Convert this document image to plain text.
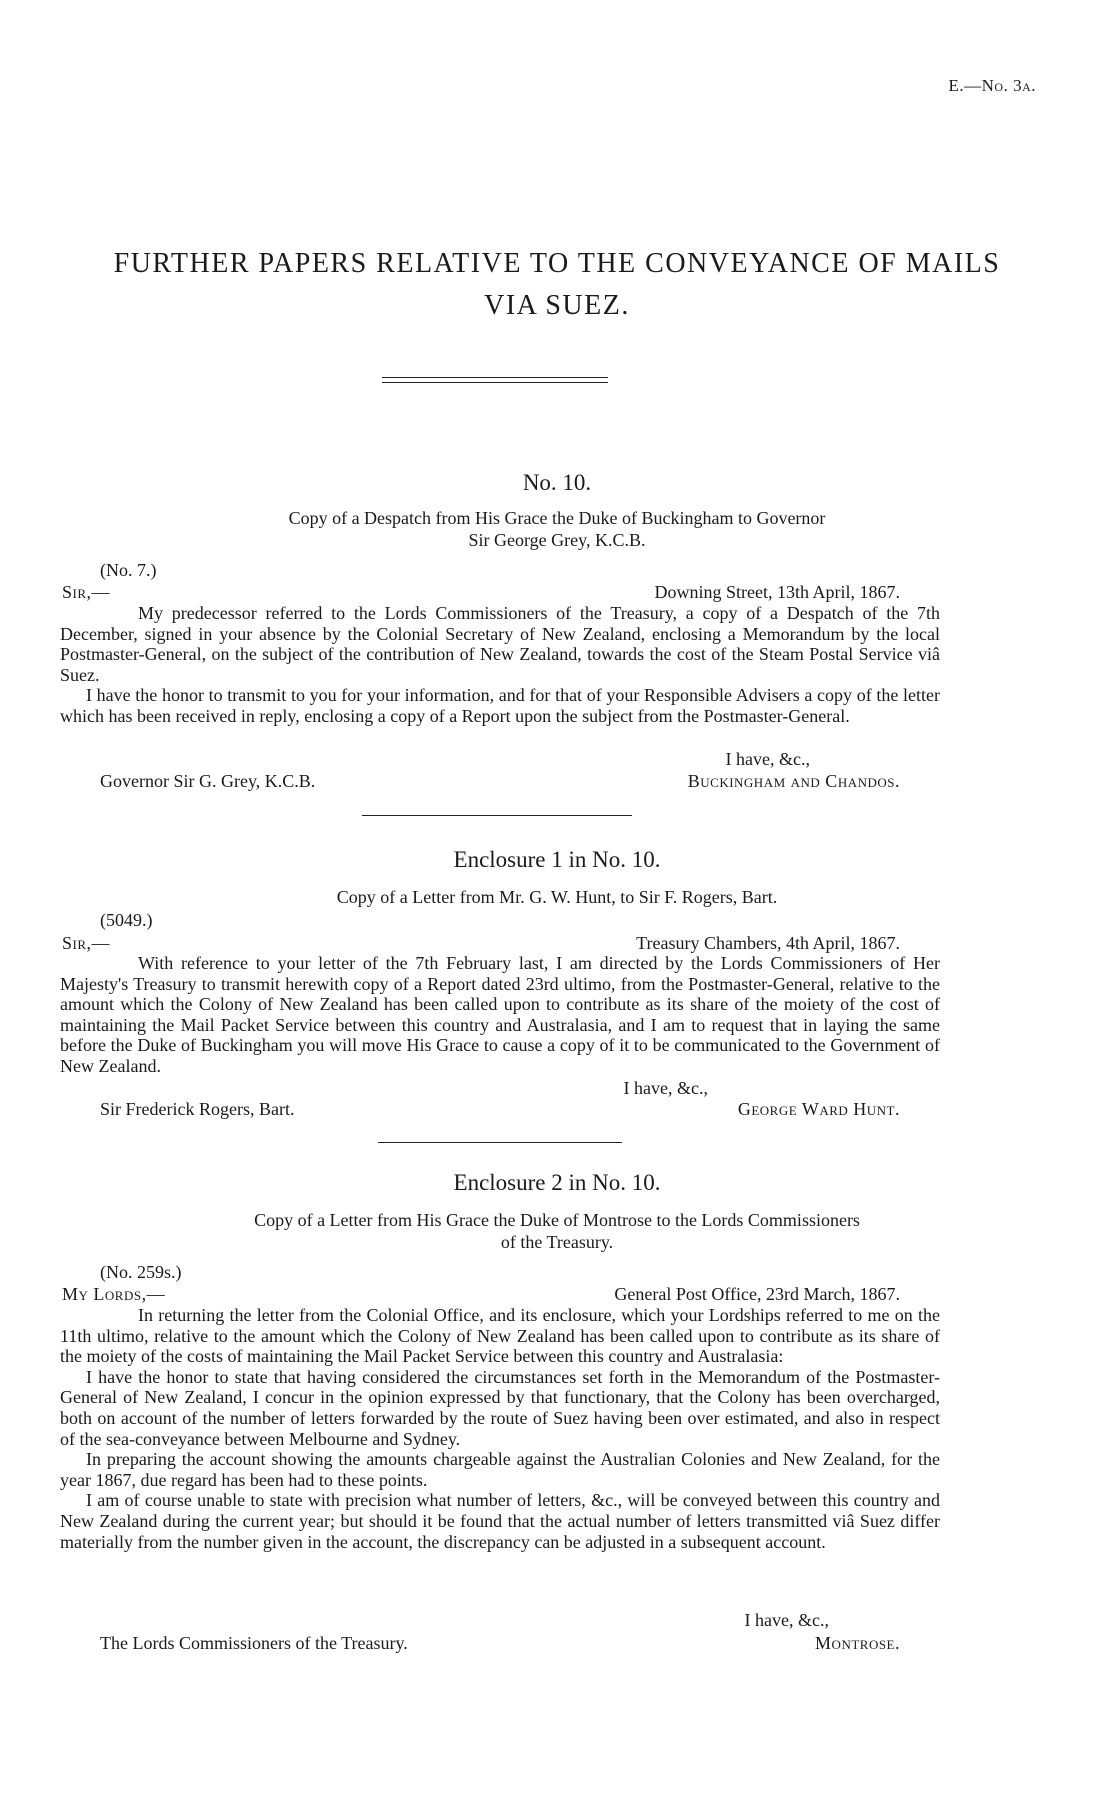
E.—No. 3a.
FURTHER PAPERS RELATIVE TO THE CONVEYANCE OF MAILS
VIA SUEZ.
No. 10.
Copy of a Despatch from His Grace the Duke of Buckingham to Governor
Sir George Grey, K.C.B.
(No. 7.)
Sir,—	Downing Street, 13th April, 1867.

My predecessor referred to the Lords Commissioners of the Treasury, a copy of a Despatch of the 7th December, signed in your absence by the Colonial Secretary of New Zealand, enclosing a Memorandum by the local Postmaster-General, on the subject of the contribution of New Zealand, towards the cost of the Steam Postal Service viâ Suez.

I have the honor to transmit to you for your information, and for that of your Responsible Advisers a copy of the letter which has been received in reply, enclosing a copy of a Report upon the subject from the Postmaster-General.

I have, &c.,
Governor Sir G. Grey, K.C.B.	Buckingham and Chandos.
Enclosure 1 in No. 10.
Copy of a Letter from Mr. G. W. Hunt, to Sir F. Rogers, Bart.
(5049.)
Sir,—	Treasury Chambers, 4th April, 1867.

With reference to your letter of the 7th February last, I am directed by the Lords Commissioners of Her Majesty's Treasury to transmit herewith copy of a Report dated 23rd ultimo, from the Postmaster-General, relative to the amount which the Colony of New Zealand has been called upon to contribute as its share of the moiety of the cost of maintaining the Mail Packet Service between this country and Australasia, and I am to request that in laying the same before the Duke of Buckingham you will move His Grace to cause a copy of it to be communicated to the Government of New Zealand.

I have, &c.,
Sir Frederick Rogers, Bart.	George Ward Hunt.
Enclosure 2 in No. 10.
Copy of a Letter from His Grace the Duke of Montrose to the Lords Commissioners
of the Treasury.
(No. 259s.)
My Lords,—	General Post Office, 23rd March, 1867.

In returning the letter from the Colonial Office, and its enclosure, which your Lordships referred to me on the 11th ultimo, relative to the amount which the Colony of New Zealand has been called upon to contribute as its share of the moiety of the costs of maintaining the Mail Packet Service between this country and Australasia:

I have the honor to state that having considered the circumstances set forth in the Memorandum of the Postmaster-General of New Zealand, I concur in the opinion expressed by that functionary, that the Colony has been overcharged, both on account of the number of letters forwarded by the route of Suez having been over estimated, and also in respect of the sea-conveyance between Melbourne and Sydney.

In preparing the account showing the amounts chargeable against the Australian Colonies and New Zealand, for the year 1867, due regard has been had to these points.

I am of course unable to state with precision what number of letters, &c., will be conveyed between this country and New Zealand during the current year; but should it be found that the actual number of letters transmitted viâ Suez differ materially from the number given in the account, the discrepancy can be adjusted in a subsequent account.

I have, &c.,
The Lords Commissioners of the Treasury.	Montrose.
